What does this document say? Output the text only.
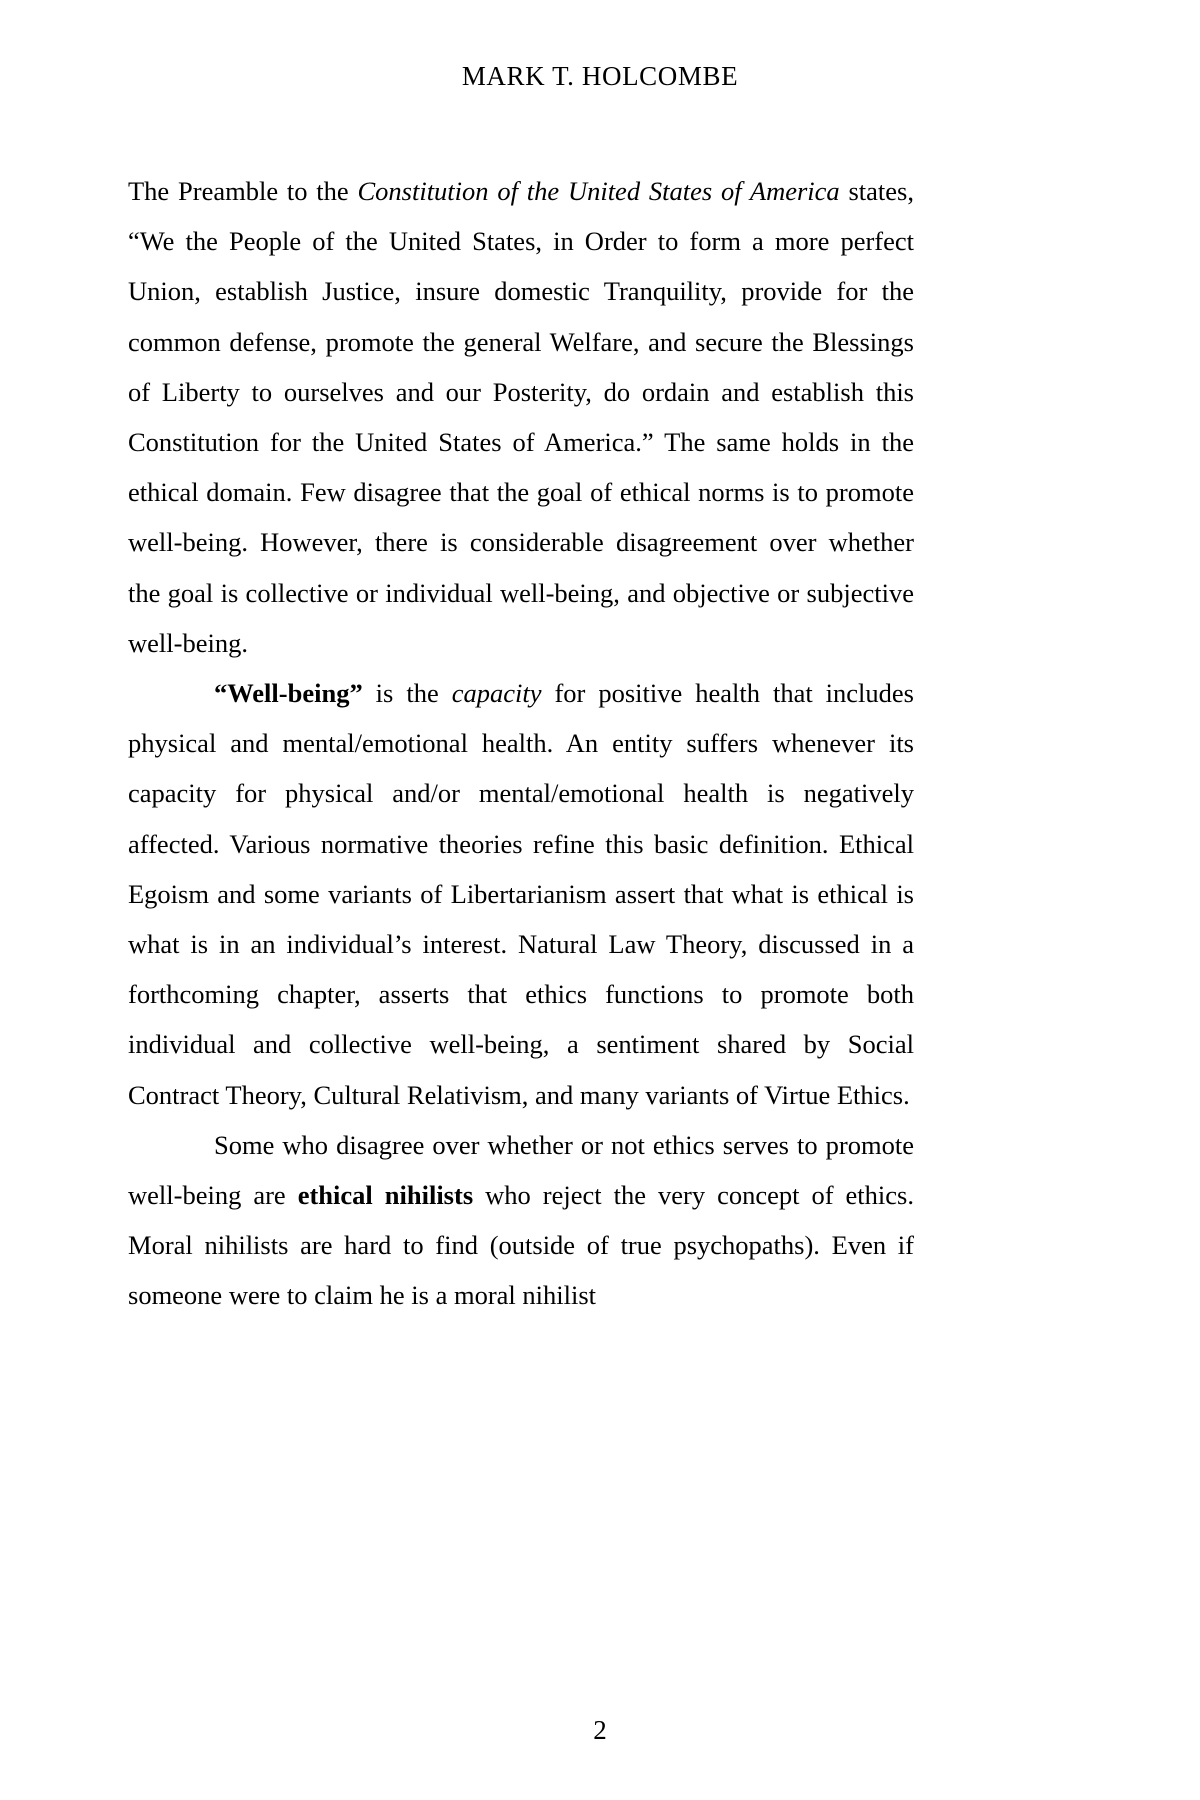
MARK T. HOLCOMBE

The Preamble to the Constitution of the United States of America states, “We the People of the United States, in Order to form a more perfect Union, establish Justice, insure domestic Tranquility, provide for the common defense, promote the general Welfare, and secure the Blessings of Liberty to ourselves and our Posterity, do ordain and establish this Constitution for the United States of America.” The same holds in the ethical domain. Few disagree that the goal of ethical norms is to promote well-being. However, there is considerable disagreement over whether the goal is collective or individual well-being, and objective or subjective well-being.

“Well-being” is the capacity for positive health that includes physical and mental/emotional health. An entity suffers whenever its capacity for physical and/or mental/emotional health is negatively affected. Various normative theories refine this basic definition. Ethical Egoism and some variants of Libertarianism assert that what is ethical is what is in an individual’s interest. Natural Law Theory, discussed in a forthcoming chapter, asserts that ethics functions to promote both individual and collective well-being, a sentiment shared by Social Contract Theory, Cultural Relativism, and many variants of Virtue Ethics.

Some who disagree over whether or not ethics serves to promote well-being are ethical nihilists who reject the very concept of ethics. Moral nihilists are hard to find (outside of true psychopaths). Even if someone were to claim he is a moral nihilist

2
